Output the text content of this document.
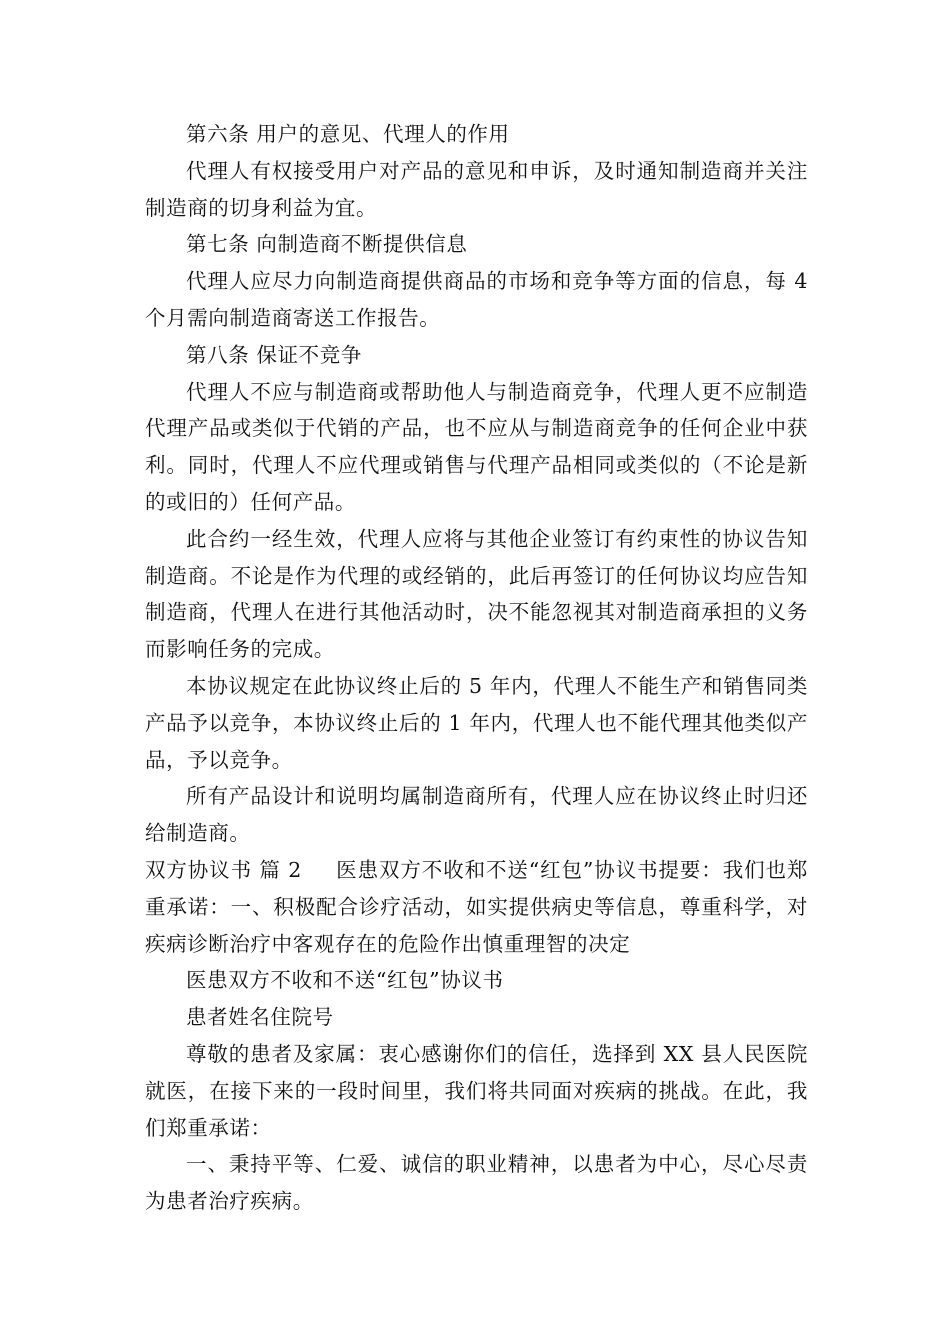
第六条 用户的意见、代理人的作用

代理人有权接受用户对产品的意见和申诉，及时通知制造商并关注制造商的切身利益为宜。

第七条 向制造商不断提供信息

代理人应尽力向制造商提供商品的市场和竞争等方面的信息，每 4 个月需向制造商寄送工作报告。

第八条 保证不竞争

代理人不应与制造商或帮助他人与制造商竞争，代理人更不应制造代理产品或类似于代销的产品，也不应从与制造商竞争的任何企业中获利。同时，代理人不应代理或销售与代理产品相同或类似的（不论是新的或旧的）任何产品。

此合约一经生效，代理人应将与其他企业签订有约束性的协议告知制造商。不论是作为代理的或经销的，此后再签订的任何协议均应告知制造商，代理人在进行其他活动时，决不能忽视其对制造商承担的义务而影响任务的完成。

本协议规定在此协议终止后的 5 年内，代理人不能生产和销售同类产品予以竞争，本协议终止后的 1 年内，代理人也不能代理其他类似产品，予以竞争。

所有产品设计和说明均属制造商所有，代理人应在协议终止时归还给制造商。

双方协议书 篇 2 医患双方不收和不送“红包”协议书提要：我们也郑重承诺：一、积极配合诊疗活动，如实提供病史等信息，尊重科学，对疾病诊断治疗中客观存在的危险作出慎重理智的决定

医患双方不收和不送“红包”协议书

患者姓名住院号

尊敬的患者及家属：衷心感谢你们的信任，选择到 XX 县人民医院就医，在接下来的一段时间里，我们将共同面对疾病的挑战。在此，我们郑重承诺：

一、秉持平等、仁爱、诚信的职业精神，以患者为中心，尽心尽责为患者治疗疾病。
